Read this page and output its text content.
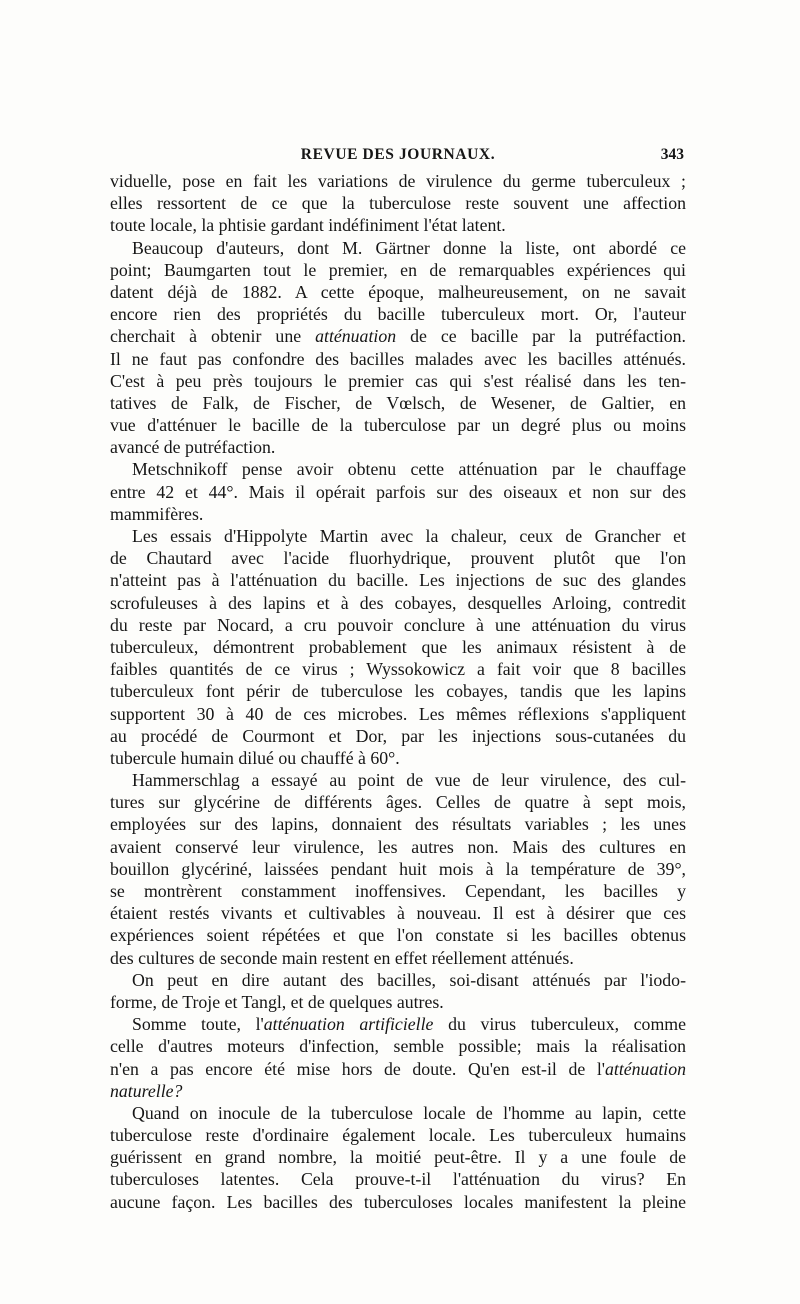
REVUE DES JOURNAUX.	343
viduelle, pose en fait les variations de virulence du germe tuberculeux ;
elles ressortent de ce que la tuberculose reste souvent une affection
toute locale, la phtisie gardant indéfiniment l'état latent.
Beaucoup d'auteurs, dont M. Gärtner donne la liste, ont abordé ce
point; Baumgarten tout le premier, en de remarquables expériences qui
datent déjà de 1882. A cette époque, malheureusement, on ne savait
encore rien des propriétés du bacille tuberculeux mort. Or, l'auteur
cherchait à obtenir une atténuation de ce bacille par la putréfaction.
Il ne faut pas confondre des bacilles malades avec les bacilles atténués.
C'est à peu près toujours le premier cas qui s'est réalisé dans les ten-
tatives de Falk, de Fischer, de Vœlsch, de Wesener, de Galtier, en
vue d'atténuer le bacille de la tuberculose par un degré plus ou moins
avancé de putréfaction.
Metschnikoff pense avoir obtenu cette atténuation par le chauffage
entre 42 et 44°. Mais il opérait parfois sur des oiseaux et non sur des
mammifères.
Les essais d'Hippolyte Martin avec la chaleur, ceux de Grancher et
de Chautard avec l'acide fluorhydrique, prouvent plutôt que l'on
n'atteint pas à l'atténuation du bacille. Les injections de suc des glandes
scrofuleuses à des lapins et à des cobayes, desquelles Arloing, contredit
du reste par Nocard, a cru pouvoir conclure à une atténuation du virus
tuberculeux, démontrent probablement que les animaux résistent à de
faibles quantités de ce virus ; Wyssokowicz a fait voir que 8 bacilles
tuberculeux font périr de tuberculose les cobayes, tandis que les lapins
supportent 30 à 40 de ces microbes. Les mêmes réflexions s'appliquent
au procédé de Courmont et Dor, par les injections sous-cutanées du
tubercule humain dilué ou chauffé à 60°.
Hammerschlag a essayé au point de vue de leur virulence, des cul-
tures sur glycérine de différents âges. Celles de quatre à sept mois,
employées sur des lapins, donnaient des résultats variables ; les unes
avaient conservé leur virulence, les autres non. Mais des cultures en
bouillon glycériné, laissées pendant huit mois à la température de 39°,
se montrèrent constamment inoffensives. Cependant, les bacilles y
étaient restés vivants et cultivables à nouveau. Il est à désirer que ces
expériences soient répétées et que l'on constate si les bacilles obtenus
des cultures de seconde main restent en effet réellement atténués.
On peut en dire autant des bacilles, soi-disant atténués par l'iodo-
forme, de Troje et Tangl, et de quelques autres.
Somme toute, l'atténuation artificielle du virus tuberculeux, comme
celle d'autres moteurs d'infection, semble possible; mais la réalisation
n'en a pas encore été mise hors de doute. Qu'en est-il de l'atténuation
naturelle?
Quand on inocule de la tuberculose locale de l'homme au lapin, cette
tuberculose reste d'ordinaire également locale. Les tuberculeux humains
guérissent en grand nombre, la moitié peut-être. Il y a une foule de
tuberculoses latentes. Cela prouve-t-il l'atténuation du virus? En
aucune façon. Les bacilles des tuberculoses locales manifestent la pleine
